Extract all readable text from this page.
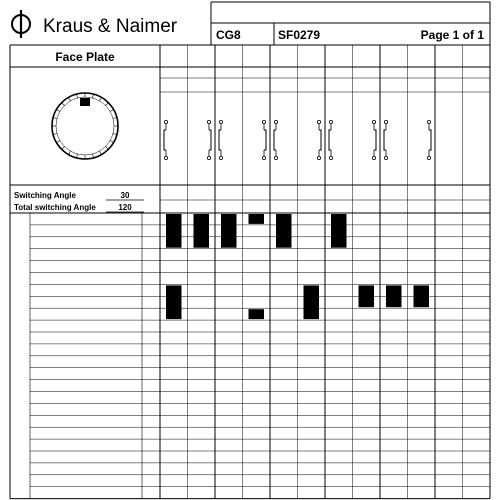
Kraus & Naimer	CG8	SF0279	Page 1 of 1
Face Plate
Switching Angle	30
Total switching Angle	120
